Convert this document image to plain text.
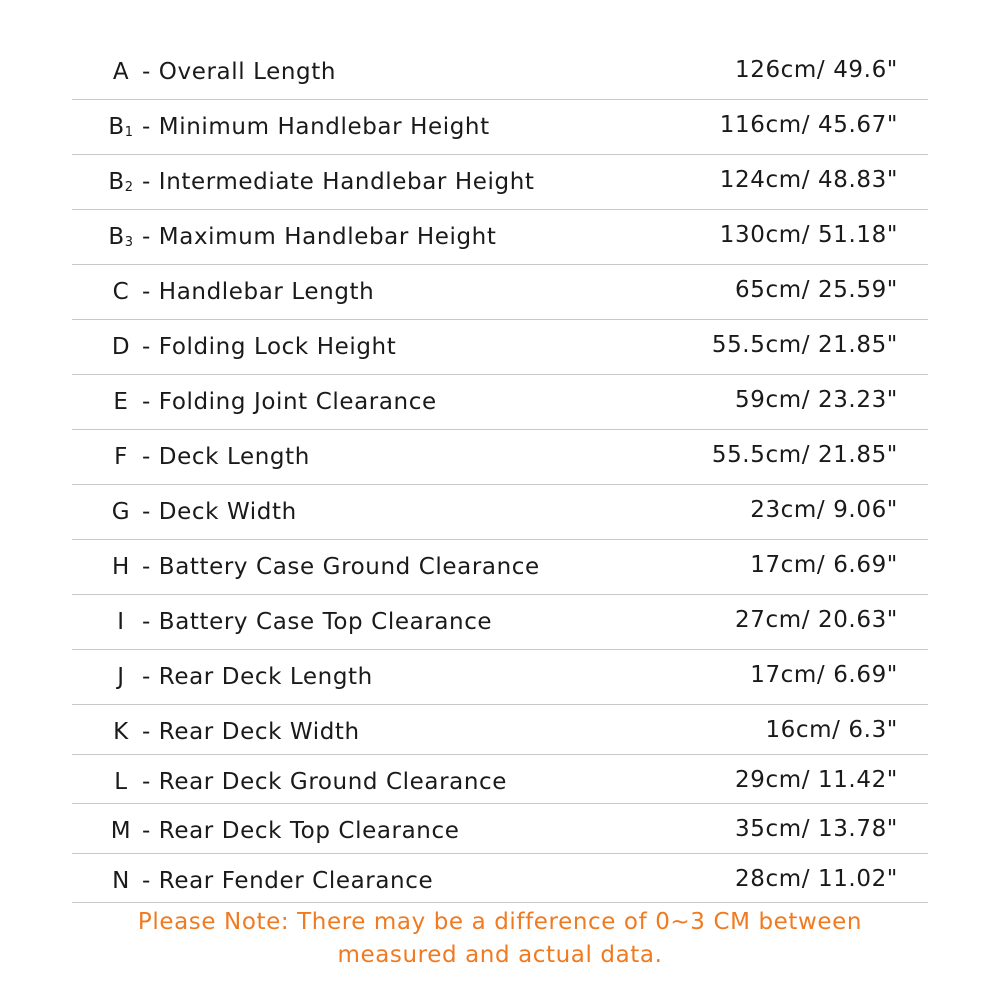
A - Overall Length	126cm/ 49.6"
$B_1$ - Minimum Handlebar Height	116cm/ 45.67"
$B_2$ - Intermediate Handlebar Height	124cm/ 48.83"
$B_3$ - Maximum Handlebar Height	130cm/ 51.18"
C - Handlebar Length	65cm/ 25.59"
D - Folding Lock Height	55.5cm/ 21.85"
E - Folding Joint Clearance	59cm/ 23.23"
F - Deck Length	55.5cm/ 21.85"
G - Deck Width	23cm/ 9.06"
H - Battery Case Ground Clearance	17cm/ 6.69"
I - Battery Case Top Clearance	27cm/ 20.63"
J - Rear Deck Length	17cm/ 6.69"
K - Rear Deck Width	16cm/ 6.3"
L - Rear Deck Ground Clearance	29cm/ 11.42"
M - Rear Deck Top Clearance	35cm/ 13.78"
N - Rear Fender Clearance	28cm/ 11.02"
Please Note: There may be a difference of 0~3 CM between
measured and actual data.
